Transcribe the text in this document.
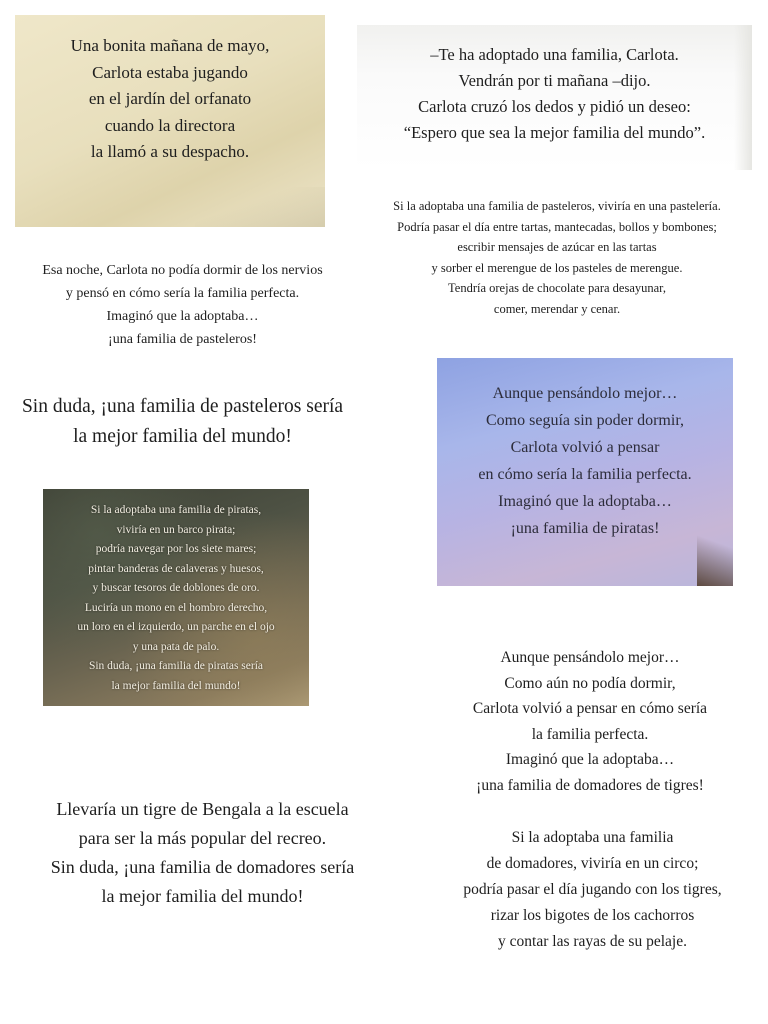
Una bonita mañana de mayo,

Carlota estaba jugando

en el jardín del orfanato

cuando la directora

la llamó a su despacho.

–Te ha adoptado una familia, Carlota.

Vendrán por ti mañana –dijo.

Carlota cruzó los dedos y pidió un deseo:

“Espero que sea la mejor familia del mundo”.

Si la adoptaba una familia de pasteleros, viviría en una pastelería.

Podría pasar el día entre tartas, mantecadas, bollos y bombones;

escribir mensajes de azúcar en las tartas

y sorber el merengue de los pasteles de merengue.

Tendría orejas de chocolate para desayunar,

comer, merendar y cenar.

Esa noche, Carlota no podía dormir de los nervios

y pensó en cómo sería la familia perfecta.

Imaginó que la adoptaba…

¡una familia de pasteleros!

Sin duda, ¡una familia de pasteleros sería

la mejor familia del mundo!

Aunque pensándolo mejor…

Como seguía sin poder dormir,

Carlota volvió a pensar

en cómo sería la familia perfecta.

Imaginó que la adoptaba…

¡una familia de piratas!

Si la adoptaba una familia de piratas,

viviría en un barco pirata;

podría navegar por los siete mares;

pintar banderas de calaveras y huesos,

y buscar tesoros de doblones de oro.

Luciría un mono en el hombro derecho,

un loro en el izquierdo, un parche en el ojo

y una pata de palo.

Sin duda, ¡una familia de piratas sería

la mejor familia del mundo!

Aunque pensándolo mejor…

Como aún no podía dormir,

Carlota volvió a pensar en cómo sería

la familia perfecta.

Imaginó que la adoptaba…

¡una familia de domadores de tigres!

Llevaría un tigre de Bengala a la escuela

para ser la más popular del recreo.

Sin duda, ¡una familia de domadores sería

la mejor familia del mundo!

Si la adoptaba una familia

de domadores, viviría en un circo;

podría pasar el día jugando con los tigres,

rizar los bigotes de los cachorros

y contar las rayas de su pelaje.
